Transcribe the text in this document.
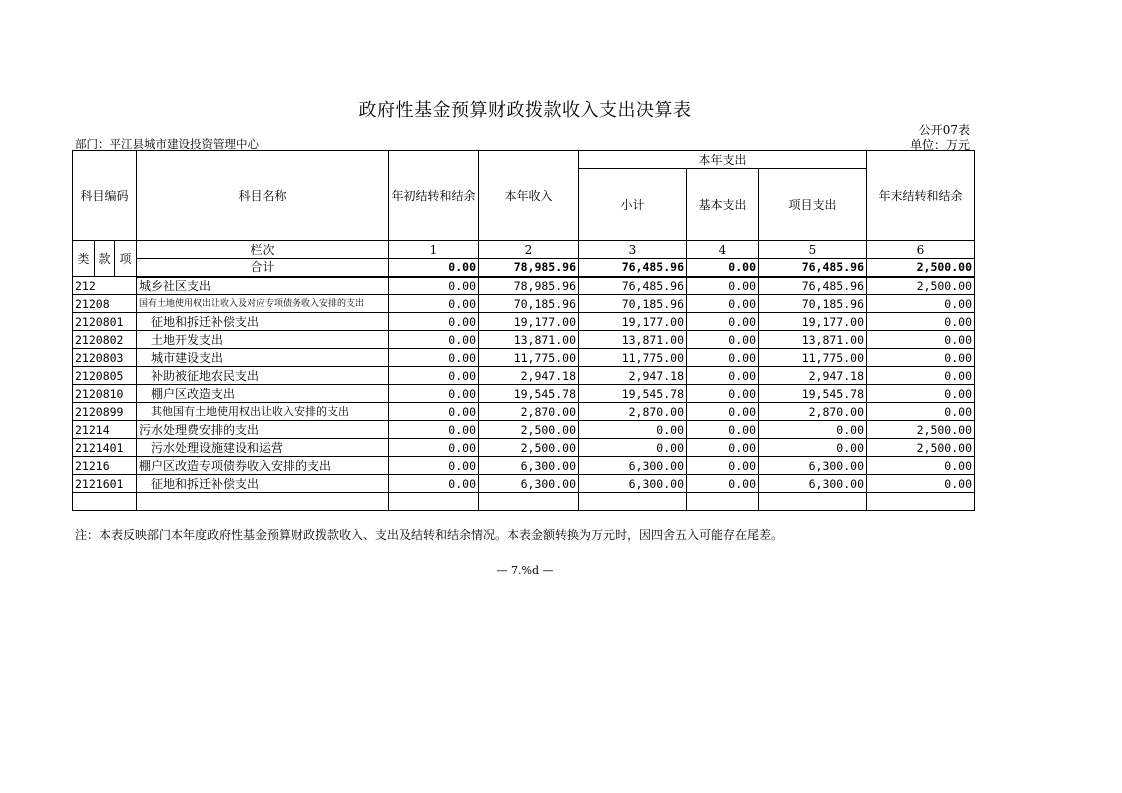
政府性基金预算财政拨款收入支出决算表
公开07表
部门：平江县城市建设投资管理中心	单位：万元
科目编码			科目名称	年初结转和结余	本年收入	本年支出			年末结转和结余
						小计	基本支出	项目支出	
类	款	项	栏次	1	2	3	4	5	6
			合计	0.00	78,985.96	76,485.96	0.00	76,485.96	2,500.00
212			城乡社区支出	0.00	78,985.96	76,485.96	0.00	76,485.96	2,500.00
21208			国有土地使用权出让收入及对应专项债务收入安排的支出	0.00	70,185.96	70,185.96	0.00	70,185.96	0.00
2120801			征地和拆迁补偿支出	0.00	19,177.00	19,177.00	0.00	19,177.00	0.00
2120802			土地开发支出	0.00	13,871.00	13,871.00	0.00	13,871.00	0.00
2120803			城市建设支出	0.00	11,775.00	11,775.00	0.00	11,775.00	0.00
2120805			补助被征地农民支出	0.00	2,947.18	2,947.18	0.00	2,947.18	0.00
2120810			棚户区改造支出	0.00	19,545.78	19,545.78	0.00	19,545.78	0.00
2120899			其他国有土地使用权出让收入安排的支出	0.00	2,870.00	2,870.00	0.00	2,870.00	0.00
21214			污水处理费安排的支出	0.00	2,500.00	0.00	0.00	0.00	2,500.00
2121401			污水处理设施建设和运营	0.00	2,500.00	0.00	0.00	0.00	2,500.00
21216			棚户区改造专项债券收入安排的支出	0.00	6,300.00	6,300.00	0.00	6,300.00	0.00
2121601			征地和拆迁补偿支出	0.00	6,300.00	6,300.00	0.00	6,300.00	0.00

注：本表反映部门本年度政府性基金预算财政拨款收入、支出及结转和结余情况。本表金额转换为万元时，因四舍五入可能存在尾差。
— 7.%d —
